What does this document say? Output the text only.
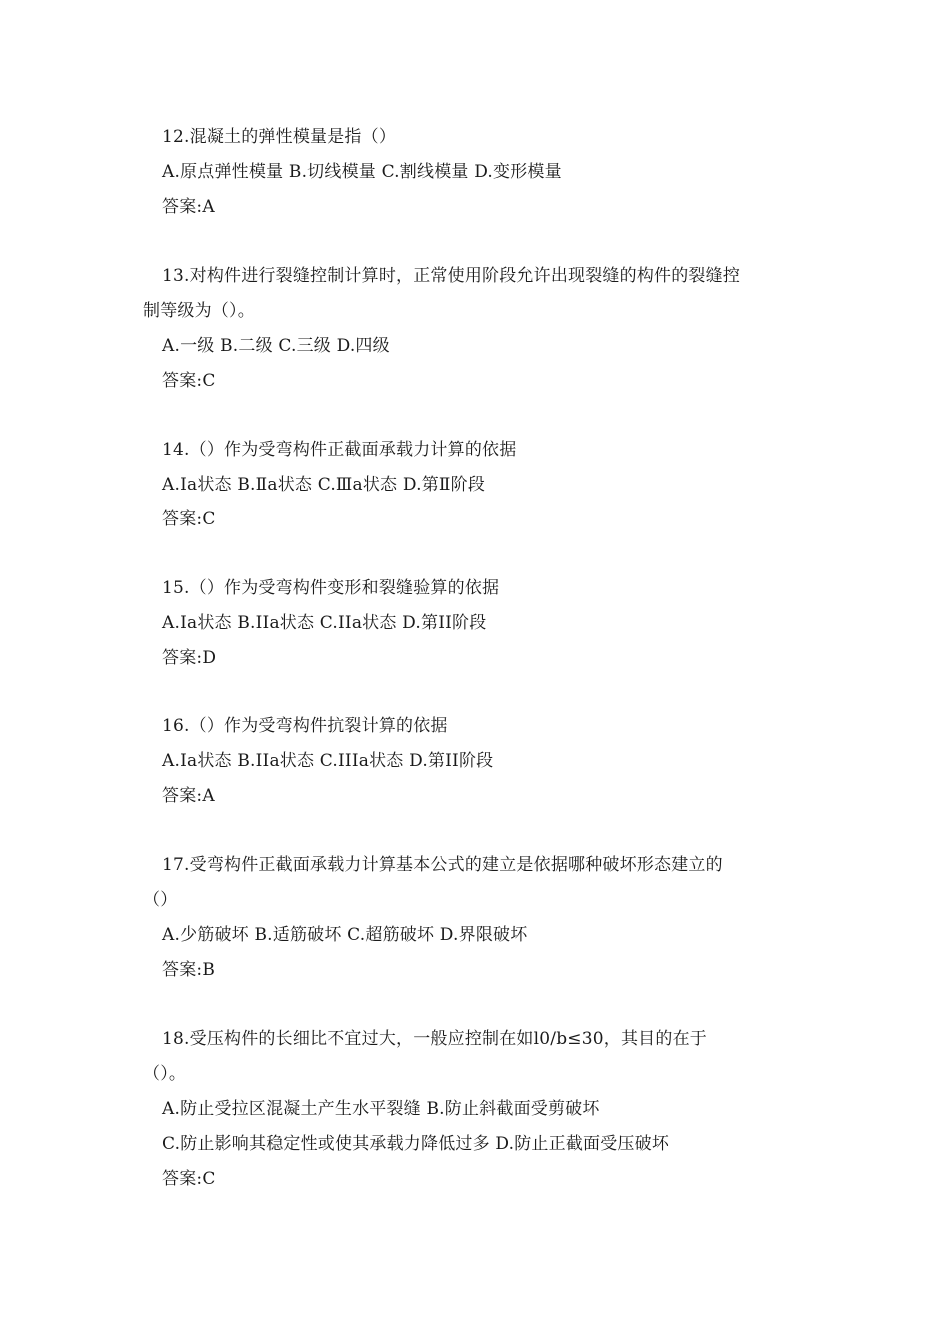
12.混凝土的弹性模量是指（）
A.原点弹性模量 B.切线模量 C.割线模量 D.变形模量
答案:A
13.对构件进行裂缝控制计算时，正常使用阶段允许出现裂缝的构件的裂缝控
制等级为（）。
A.一级 B.二级 C.三级 D.四级
答案:C
14.（）作为受弯构件正截面承载力计算的依据
A.Ⅰa状态 B.Ⅱa状态 C.Ⅲa状态 D.第Ⅱ阶段
答案:C
15.（）作为受弯构件变形和裂缝验算的依据
A.Ia状态 B.IIa状态 C.IIa状态 D.第II阶段
答案:D
16.（）作为受弯构件抗裂计算的依据
A.Ia状态 B.IIa状态 C.IIIa状态 D.第II阶段
答案:A
17.受弯构件正截面承载力计算基本公式的建立是依据哪种破坏形态建立的
（）
A.少筋破坏 B.适筋破坏 C.超筋破坏 D.界限破坏
答案:B
18.受压构件的长细比不宜过大，一般应控制在如l0/b≤30，其目的在于
（）。
A.防止受拉区混凝土产生水平裂缝 B.防止斜截面受剪破坏
C.防止影响其稳定性或使其承载力降低过多 D.防止正截面受压破坏
答案:C
